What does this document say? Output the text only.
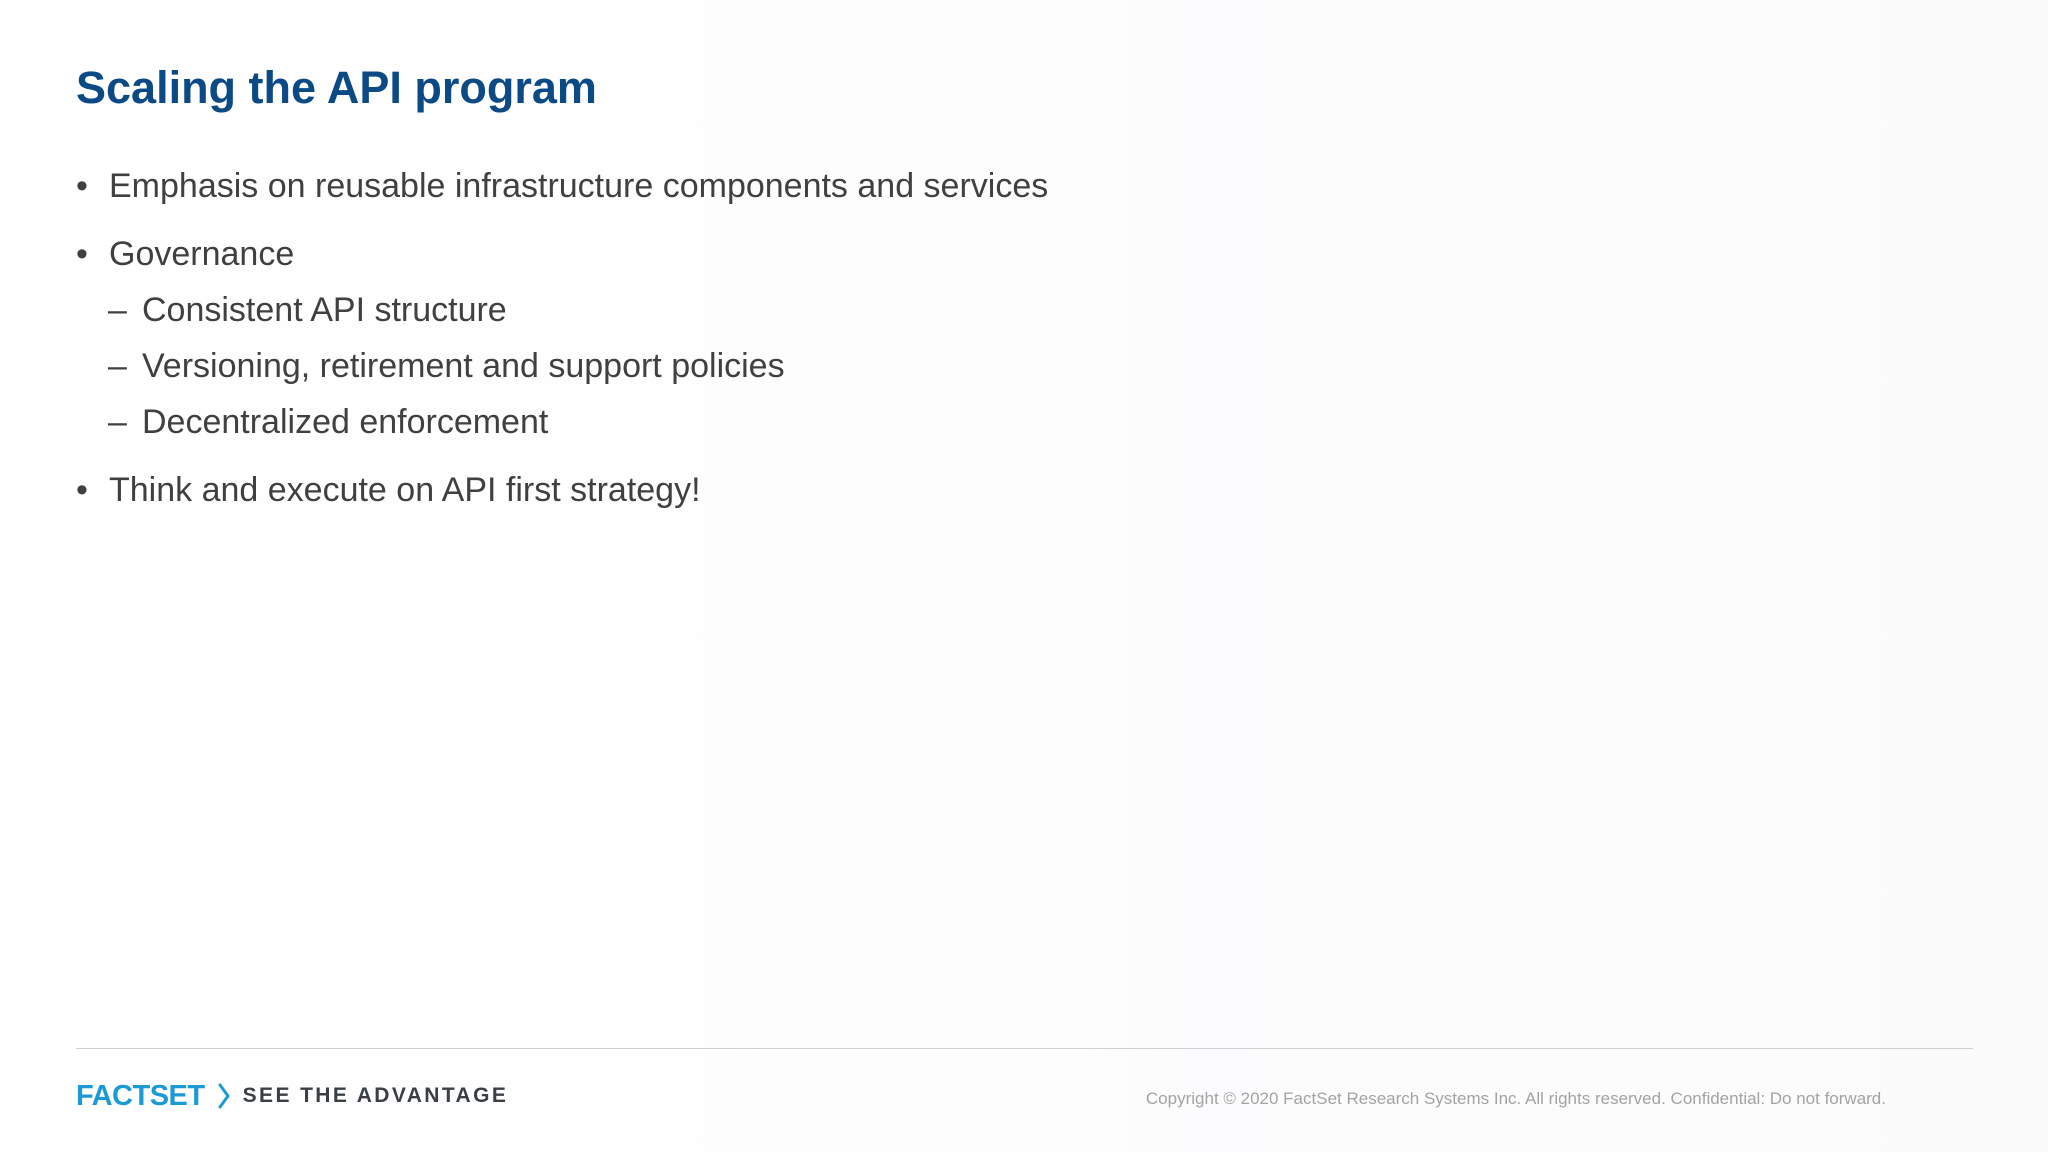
Scaling the API program
• Emphasis on reusable infrastructure components and services
• Governance
– Consistent API structure
– Versioning, retirement and support policies
– Decentralized enforcement
• Think and execute on API first strategy!
FACTSET SEE THE ADVANTAGE	Copyright © 2020 FactSet Research Systems Inc. All rights reserved. Confidential: Do not forward.
